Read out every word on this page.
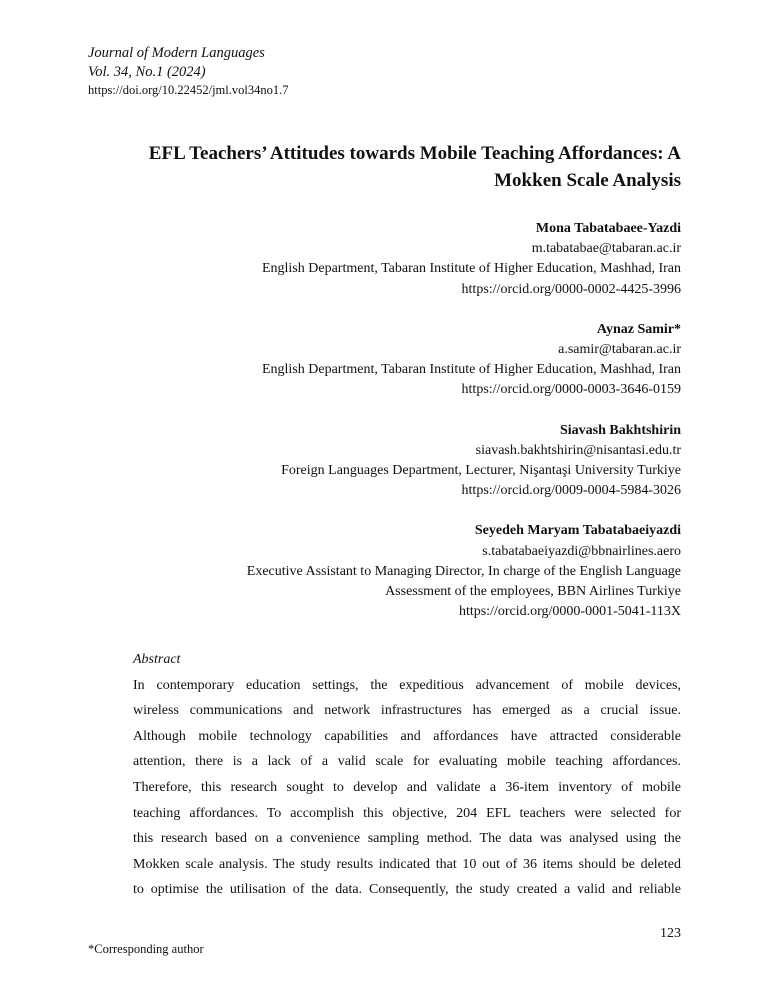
Journal of Modern Languages
Vol. 34, No.1 (2024)
https://doi.org/10.22452/jml.vol34no1.7
EFL Teachers’ Attitudes towards Mobile Teaching Affordances: A
Mokken Scale Analysis
Mona Tabatabaee-Yazdi
m.tabatabae@tabaran.ac.ir
English Department, Tabaran Institute of Higher Education, Mashhad, Iran
https://orcid.org/0000-0002-4425-3996
Aynaz Samir*
a.samir@tabaran.ac.ir
English Department, Tabaran Institute of Higher Education, Mashhad, Iran
https://orcid.org/0000-0003-3646-0159
Siavash Bakhtshirin
siavash.bakhtshirin@nisantasi.edu.tr
Foreign Languages Department, Lecturer, Nişantaşi University Turkiye
https://orcid.org/0009-0004-5984-3026
Seyedeh Maryam Tabatabaeiyazdi
s.tabatabaeiyazdi@bbnairlines.aero
Executive Assistant to Managing Director, In charge of the English Language
Assessment of the employees, BBN Airlines Turkiye
https://orcid.org/0000-0001-5041-113X
Abstract
In contemporary education settings, the expeditious advancement of mobile devices,
wireless communications and network infrastructures has emerged as a crucial issue.
Although mobile technology capabilities and affordances have attracted considerable
attention, there is a lack of a valid scale for evaluating mobile teaching affordances.
Therefore, this research sought to develop and validate a 36-item inventory of mobile
teaching affordances. To accomplish this objective, 204 EFL teachers were selected for
this research based on a convenience sampling method. The data was analysed using the
Mokken scale analysis. The study results indicated that 10 out of 36 items should be deleted
to optimise the utilisation of the data. Consequently, the study created a valid and reliable
123
*Corresponding author
